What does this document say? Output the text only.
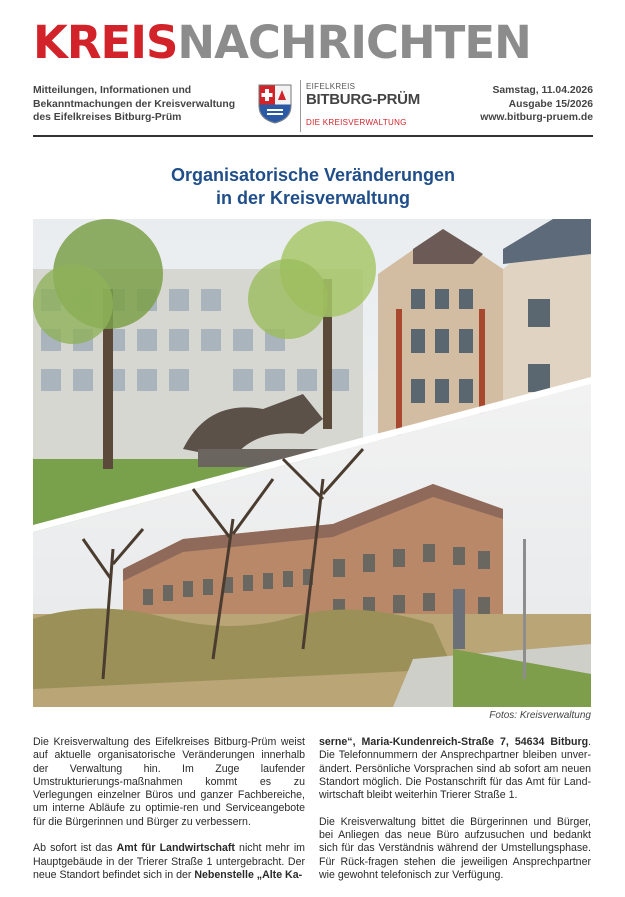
KREISNACHRICHTEN
Mitteilungen, Informationen und
Bekanntmachungen der Kreisverwaltung
des Eifelkreises Bitburg-Prüm
EIFELKREIS
BITBURG-PRÜM
DIE KREISVERWALTUNG
Samstag, 11.04.2026
Ausgabe 15/2026
www.bitburg-pruem.de
Organisatorische Veränderungen
in der Kreisverwaltung
Fotos: Kreisverwaltung

Die Kreisverwaltung des Eifelkreises Bitburg-Prüm weist auf aktuelle organisatorische Veränderungen innerhalb der Verwaltung hin. Im Zuge laufender Umstrukturierungs-maßnahmen kommt es zu Verlegungen einzelner Büros und ganzer Fachbereiche, um interne Abläufe zu optimie-ren und Serviceangebote für die Bürgerinnen und Bürger zu verbessern.

Ab sofort ist das Amt für Landwirtschaft nicht mehr im Hauptgebäude in der Trierer Straße 1 untergebracht. Der neue Standort befindet sich in der Nebenstelle „Alte Ka-

serne“, Maria-Kundenreich-Straße 7, 54634 Bitburg. Die Telefonnummern der Ansprechpartner bleiben unver-ändert. Persönliche Vorsprachen sind ab sofort am neuen Standort möglich. Die Postanschrift für das Amt für Land-wirtschaft bleibt weiterhin Trierer Straße 1.

Die Kreisverwaltung bittet die Bürgerinnen und Bürger, bei Anliegen das neue Büro aufzusuchen und bedankt sich für das Verständnis während der Umstellungsphase. Für Rück-fragen stehen die jeweiligen Ansprechpartner wie gewohnt telefonisch zur Verfügung.
